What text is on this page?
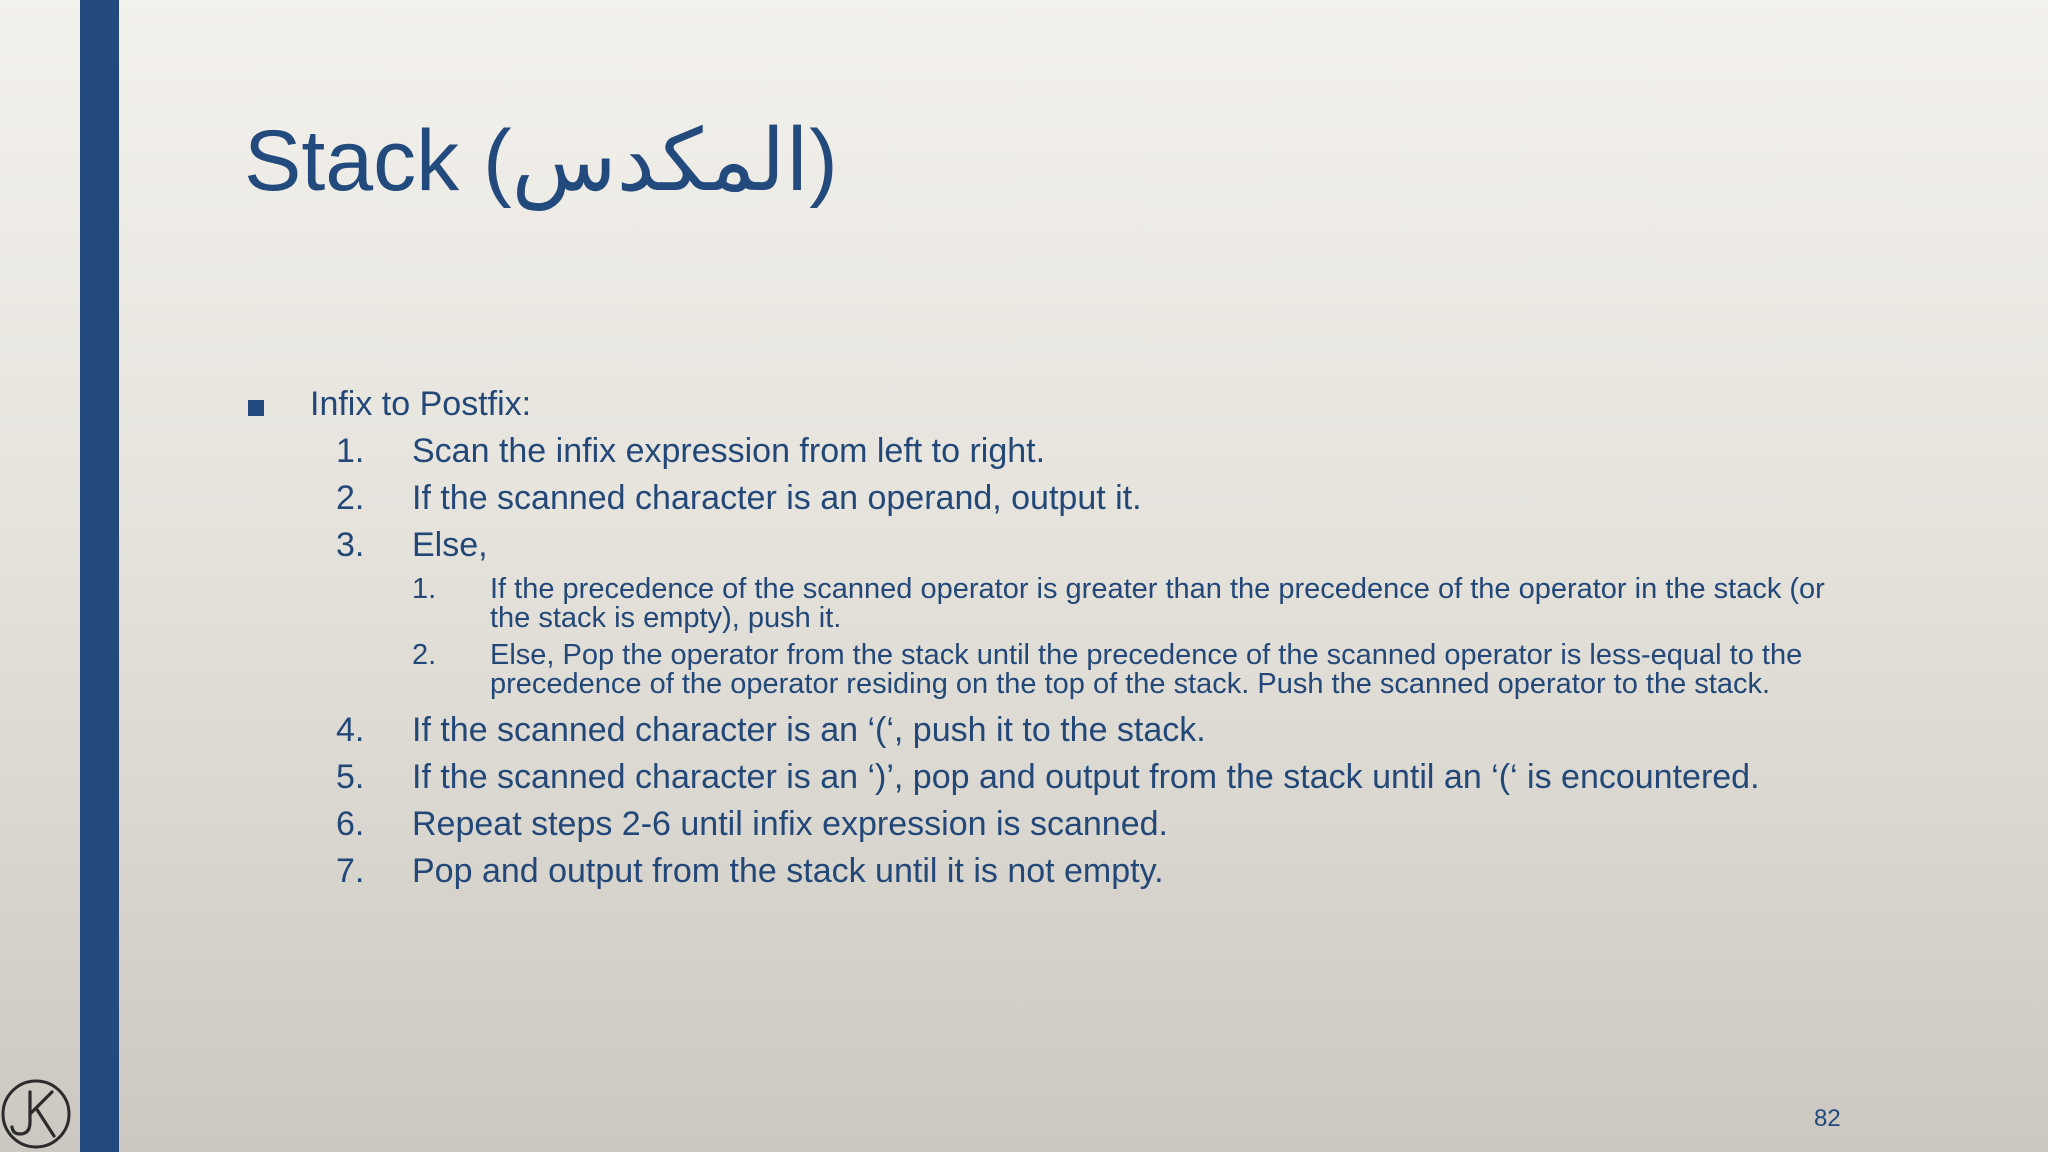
Stack (المكدس)
Infix to Postfix:
1. Scan the infix expression from left to right.
2. If the scanned character is an operand, output it.
3. Else,
1. If the precedence of the scanned operator is greater than the precedence of the operator in the stack (or the stack is empty), push it.
2. Else, Pop the operator from the stack until the precedence of the scanned operator is less-equal to the precedence of the operator residing on the top of the stack. Push the scanned operator to the stack.
4. If the scanned character is an ‘(‘, push it to the stack.
5. If the scanned character is an ‘)’, pop and output from the stack until an ‘(‘ is encountered.
6. Repeat steps 2-6 until infix expression is scanned.
7. Pop and output from the stack until it is not empty.
82
